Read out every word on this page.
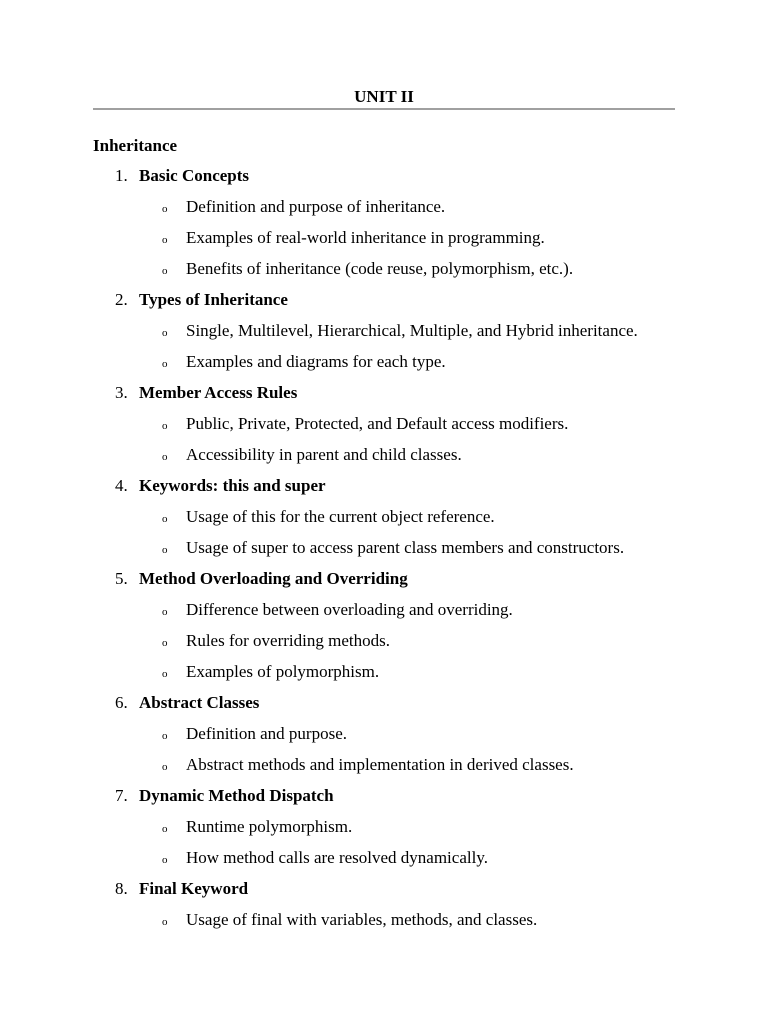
UNIT II
Inheritance
1. Basic Concepts
o Definition and purpose of inheritance.
o Examples of real-world inheritance in programming.
o Benefits of inheritance (code reuse, polymorphism, etc.).
2. Types of Inheritance
o Single, Multilevel, Hierarchical, Multiple, and Hybrid inheritance.
o Examples and diagrams for each type.
3. Member Access Rules
o Public, Private, Protected, and Default access modifiers.
o Accessibility in parent and child classes.
4. Keywords: this and super
o Usage of this for the current object reference.
o Usage of super to access parent class members and constructors.
5. Method Overloading and Overriding
o Difference between overloading and overriding.
o Rules for overriding methods.
o Examples of polymorphism.
6. Abstract Classes
o Definition and purpose.
o Abstract methods and implementation in derived classes.
7. Dynamic Method Dispatch
o Runtime polymorphism.
o How method calls are resolved dynamically.
8. Final Keyword
o Usage of final with variables, methods, and classes.
